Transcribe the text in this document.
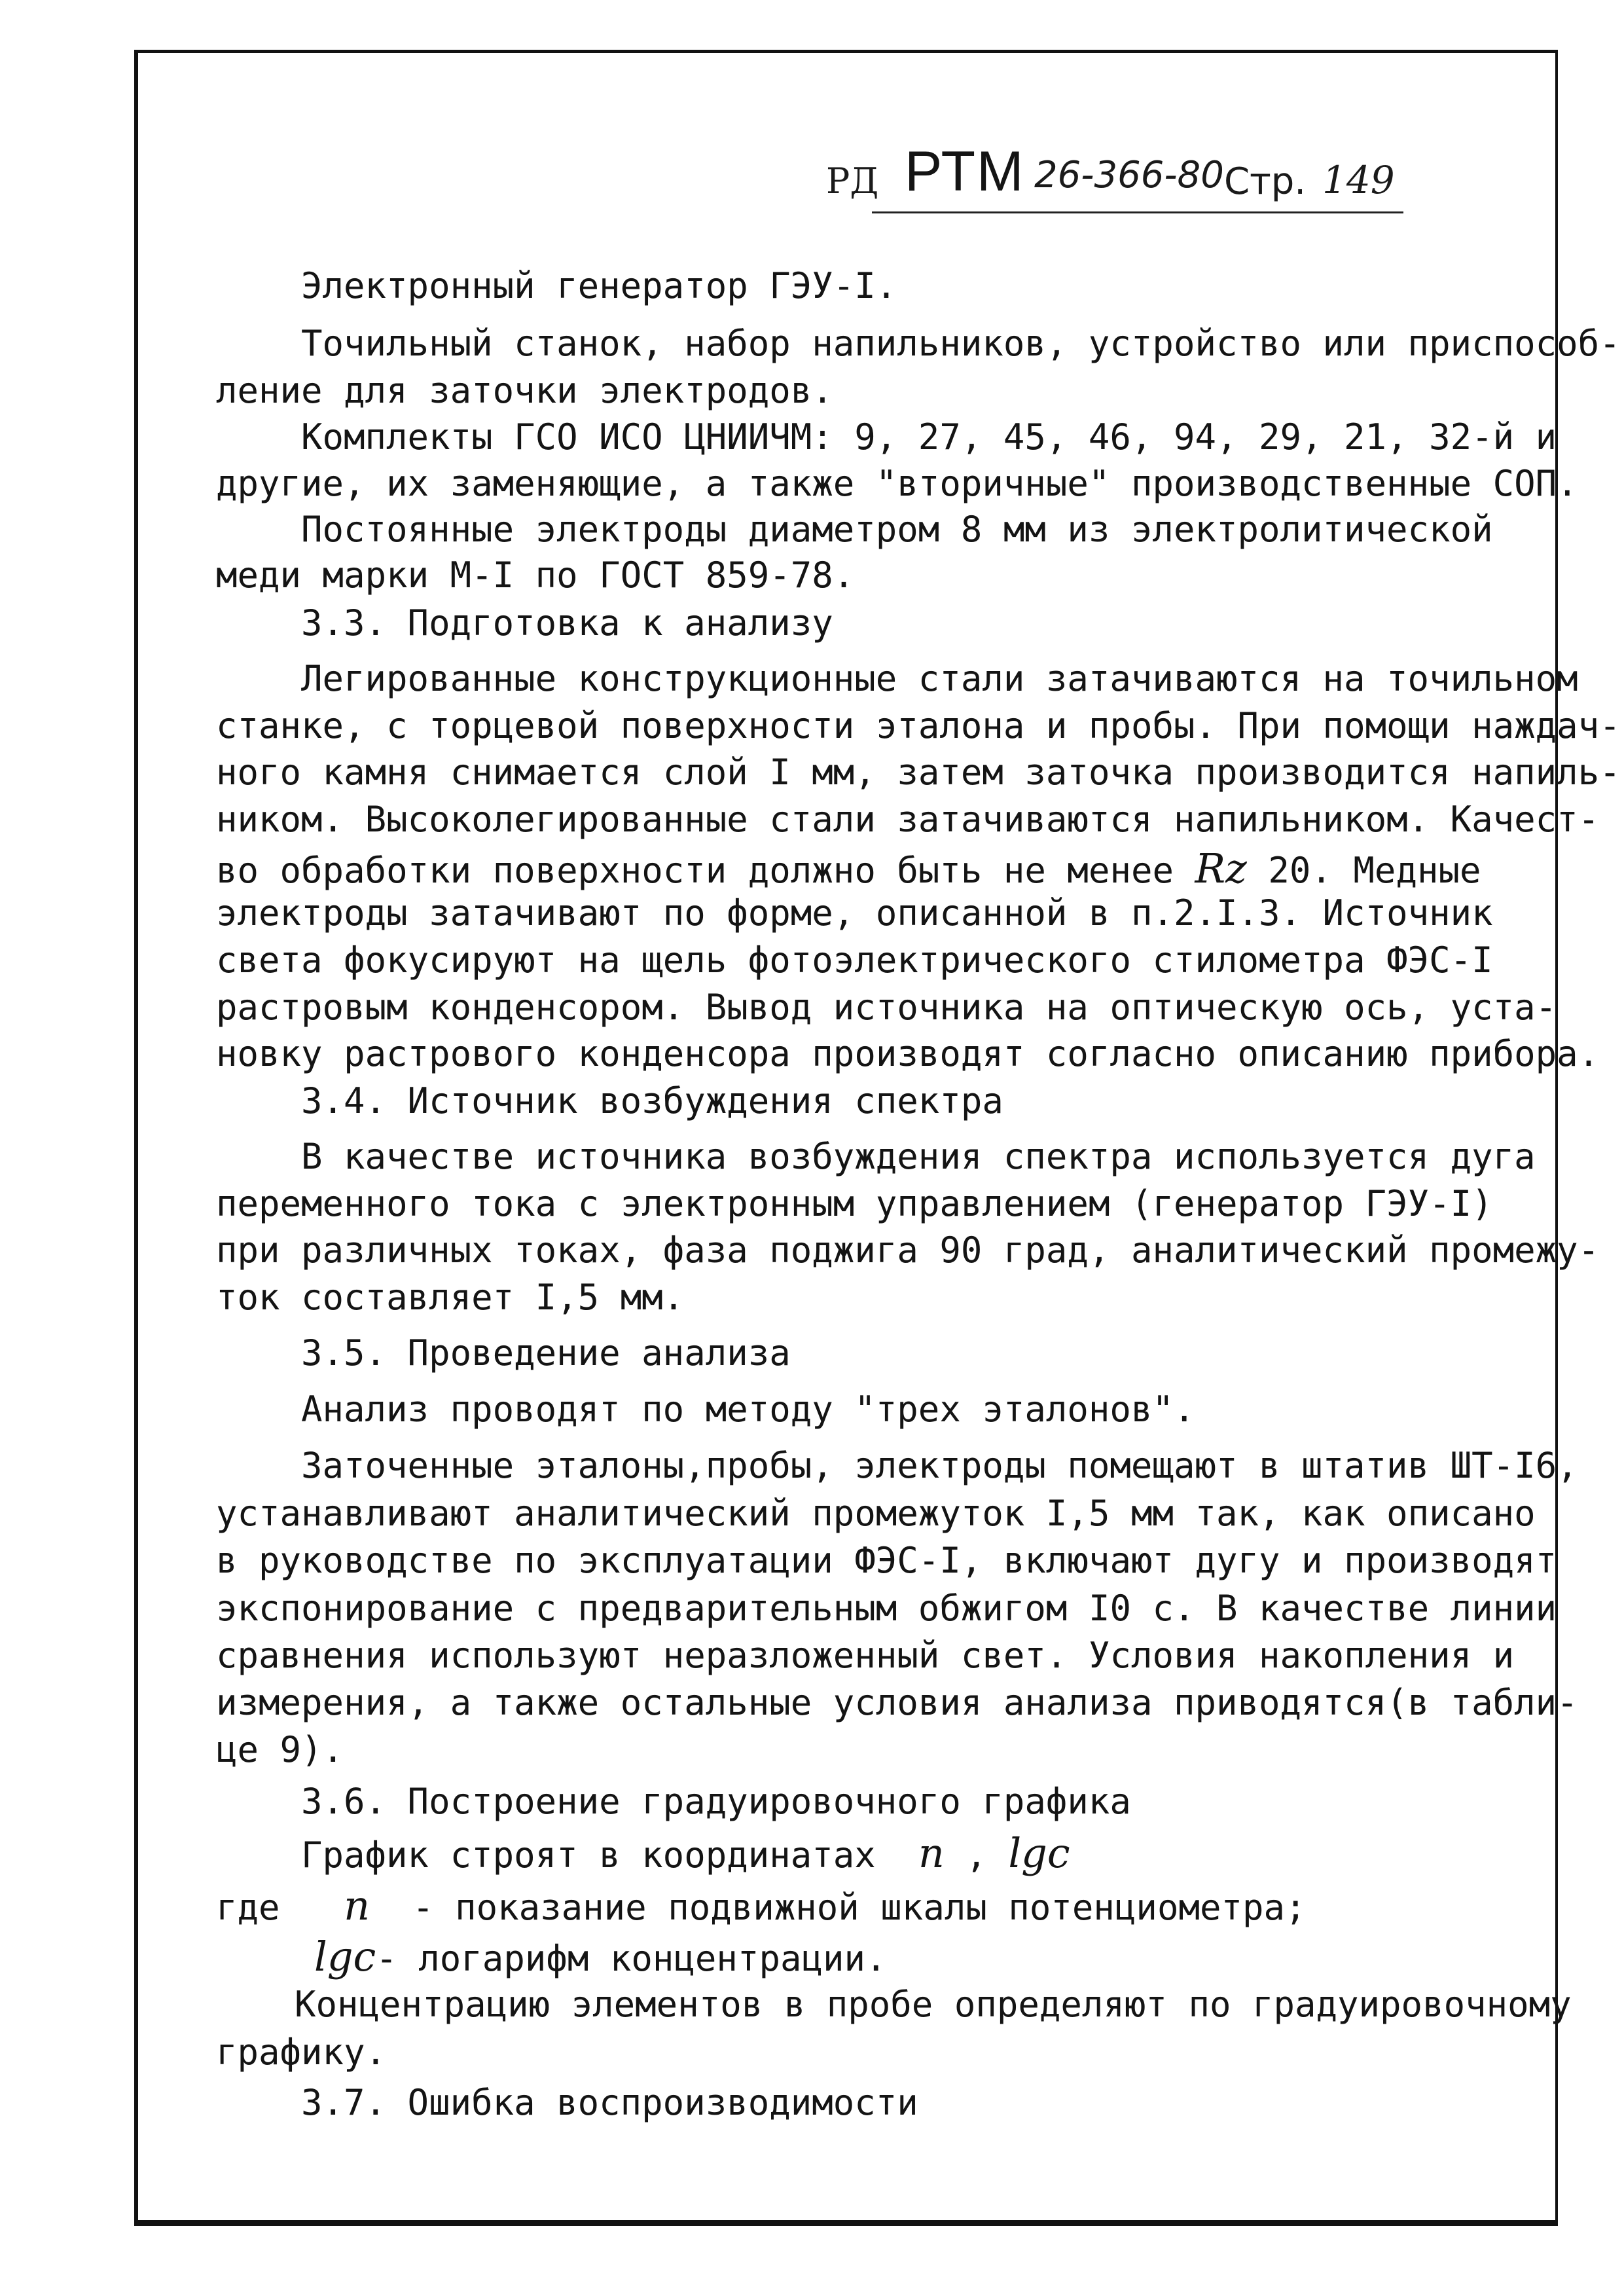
РД РТМ 26-366-80 Стр. 149

Электронный генератор ГЭУ-I.

Точильный станок, набор напильников, устройство или приспособ-

ление для заточки электродов.

Комплекты ГСО ИСО ЦНИИЧМ: 9, 27, 45, 46, 94, 29, 21, 32-й и

другие, их заменяющие, а также "вторичные" производственные СОП.

Постоянные электроды диаметром 8 мм из электролитической

меди марки М-I по ГОСТ 859-78.

3.3. Подготовка к анализу

Легированные конструкционные стали затачиваются на точильном

станке, с торцевой поверхности эталона и пробы. При помощи наждач-

ного камня снимается слой I мм, затем заточка производится напиль-

ником. Высоколегированные стали затачиваются напильником. Качест-

во обработки поверхности должно быть не менее Rz 20. Медные

электроды затачивают по форме, описанной в п.2.I.3. Источник

света фокусируют на щель фотоэлектрического стилометра ФЭС-I

растровым конденсором. Вывод источника на оптическую ось, уста-

новку растрового конденсора производят согласно описанию прибора.

3.4. Источник возбуждения спектра

В качестве источника возбуждения спектра используется дуга

переменного тока с электронным управлением (генератор ГЭУ-I)

при различных токах, фаза поджига 90 град, аналитический промежу-

ток составляет I,5 мм.

3.5. Проведение анализа

Анализ проводят по методу "трех эталонов".

Заточенные эталоны,пробы, электроды помещают в штатив ШТ-I6,

устанавливают аналитический промежуток I,5 мм так, как описано

в руководстве по эксплуатации ФЭС-I, включают дугу и производят

экспонирование с предварительным обжигом I0 с. В качестве линии

сравнения используют неразложенный свет. Условия накопления и

измерения, а также остальные условия анализа приводятся(в табли-

це 9).

3.6. Построение градуировочного графика

График строят в координатах n , lgc

где n - показание подвижной шкалы потенциометра;

lgc- логарифм концентрации.

Концентрацию элементов в пробе определяют по градуировочному

графику.

3.7. Ошибка воспроизводимости
